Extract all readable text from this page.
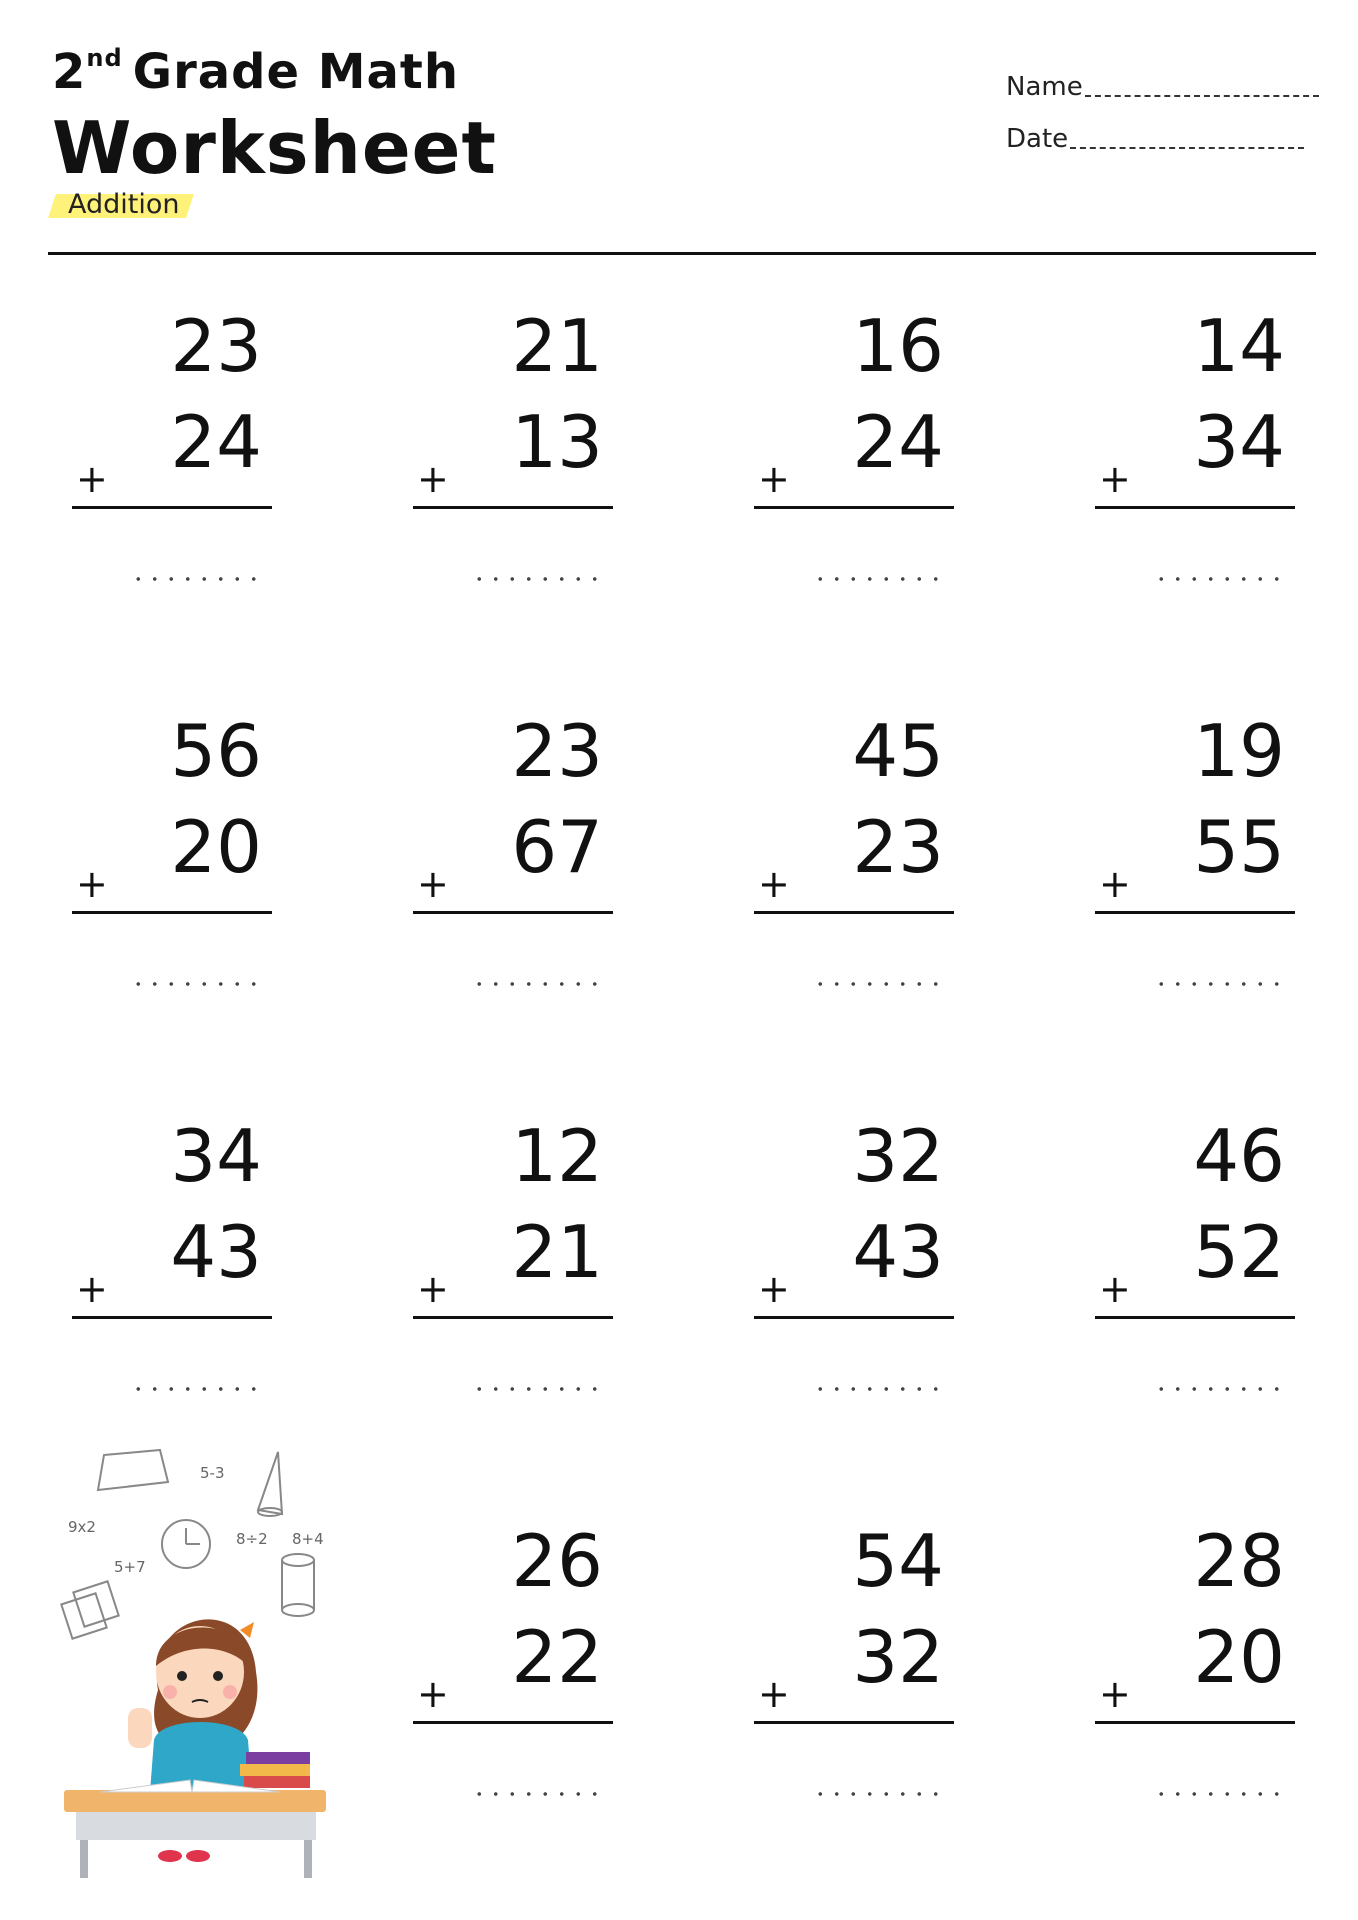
2nd Grade Math
Worksheet
Addition
Name
Date
23
24
+
21
13
+
16
24
+
14
34
+
56
20
+
23
67
+
45
23
+
19
55
+
34
43
+
12
21
+
32
43
+
46
52
+
26
22
+
54
32
+
28
20
+
5-3
9x2
8÷2 8+4
5+7
